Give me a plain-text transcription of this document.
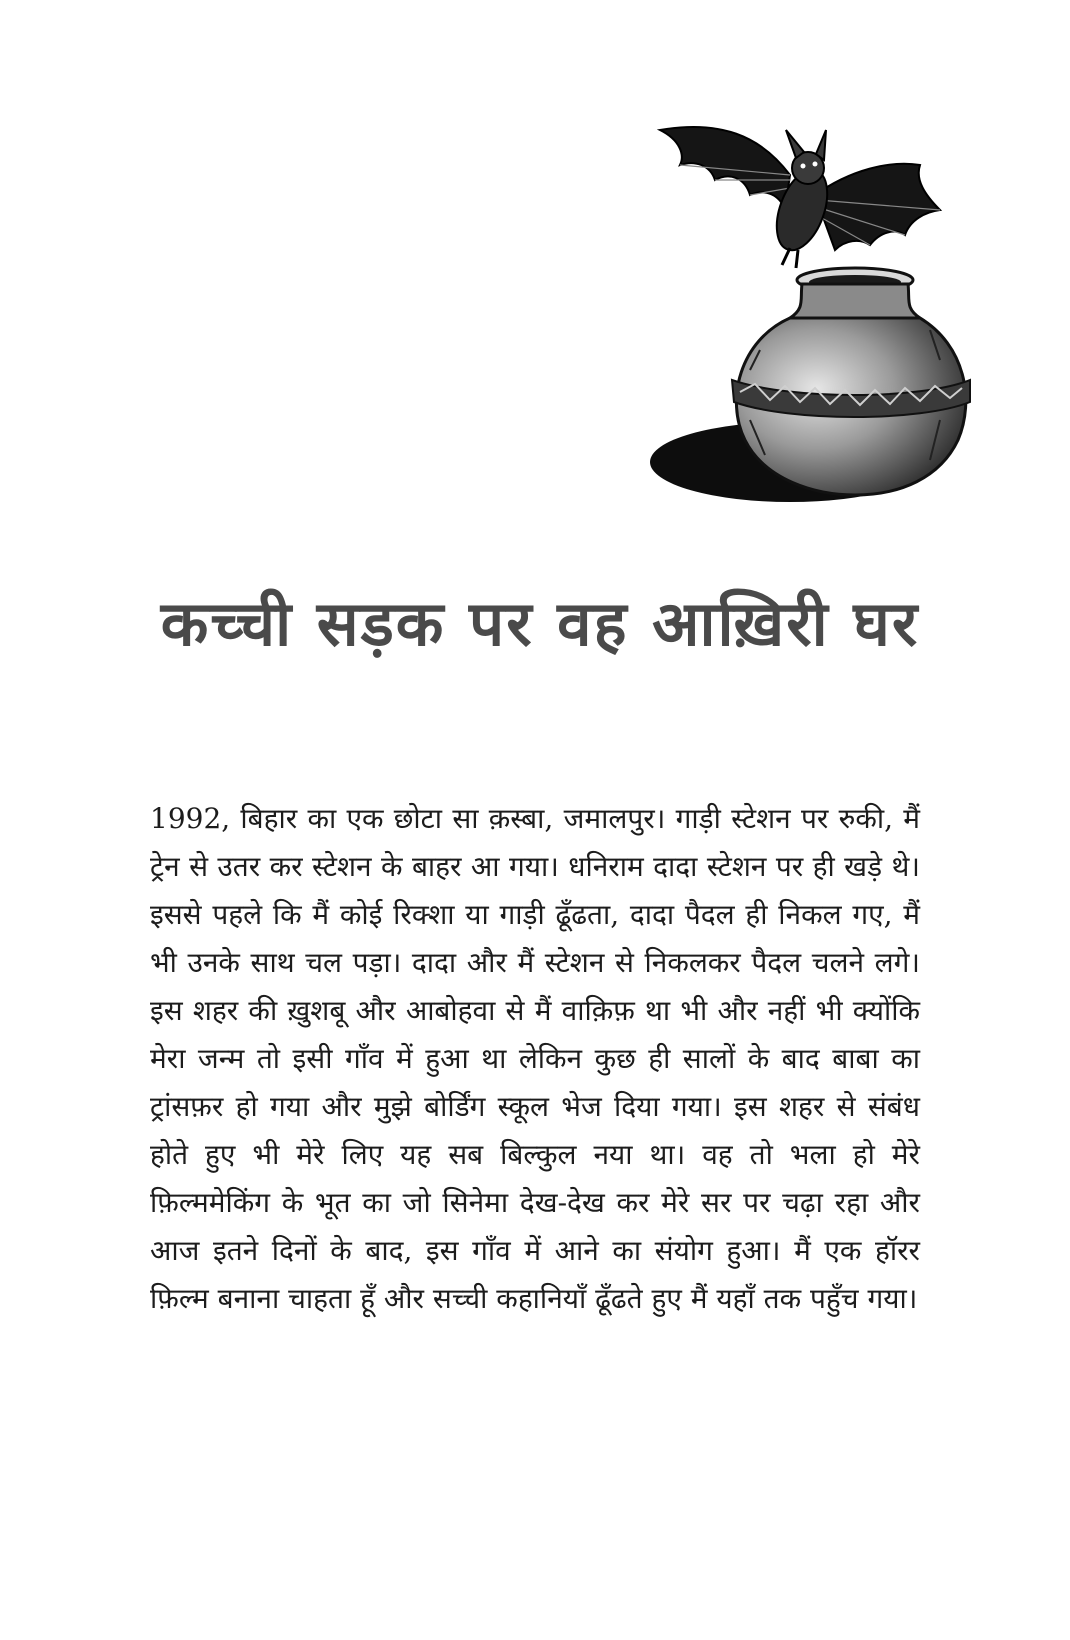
कच्ची सड़क पर वह आख़िरी घर

1992, बिहार का एक छोटा सा क़स्बा, जमालपुर। गाड़ी स्टेशन पर रुकी, मैं ट्रेन से उतर कर स्टेशन के बाहर आ गया। धनिराम दादा स्टेशन पर ही खड़े थे। इससे पहले कि मैं कोई रिक्शा या गाड़ी ढूँढता, दादा पैदल ही निकल गए, मैं भी उनके साथ चल पड़ा। दादा और मैं स्टेशन से निकलकर पैदल चलने लगे। इस शहर की ख़ुशबू और आबोहवा से मैं वाक़िफ़ था भी और नहीं भी क्योंकि मेरा जन्म तो इसी गाँव में हुआ था लेकिन कुछ ही सालों के बाद बाबा का ट्रांसफ़र हो गया और मुझे बोर्डिंग स्कूल भेज दिया गया। इस शहर से संबंध होते हुए भी मेरे लिए यह सब बिल्कुल नया था। वह तो भला हो मेरे फ़िल्ममेकिंग के भूत का जो सिनेमा देख-देख कर मेरे सर पर चढ़ा रहा और आज इतने दिनों के बाद, इस गाँव में आने का संयोग हुआ। मैं एक हॉरर फ़िल्म बनाना चाहता हूँ और सच्ची कहानियाँ ढूँढते हुए मैं यहाँ तक पहुँच गया।
